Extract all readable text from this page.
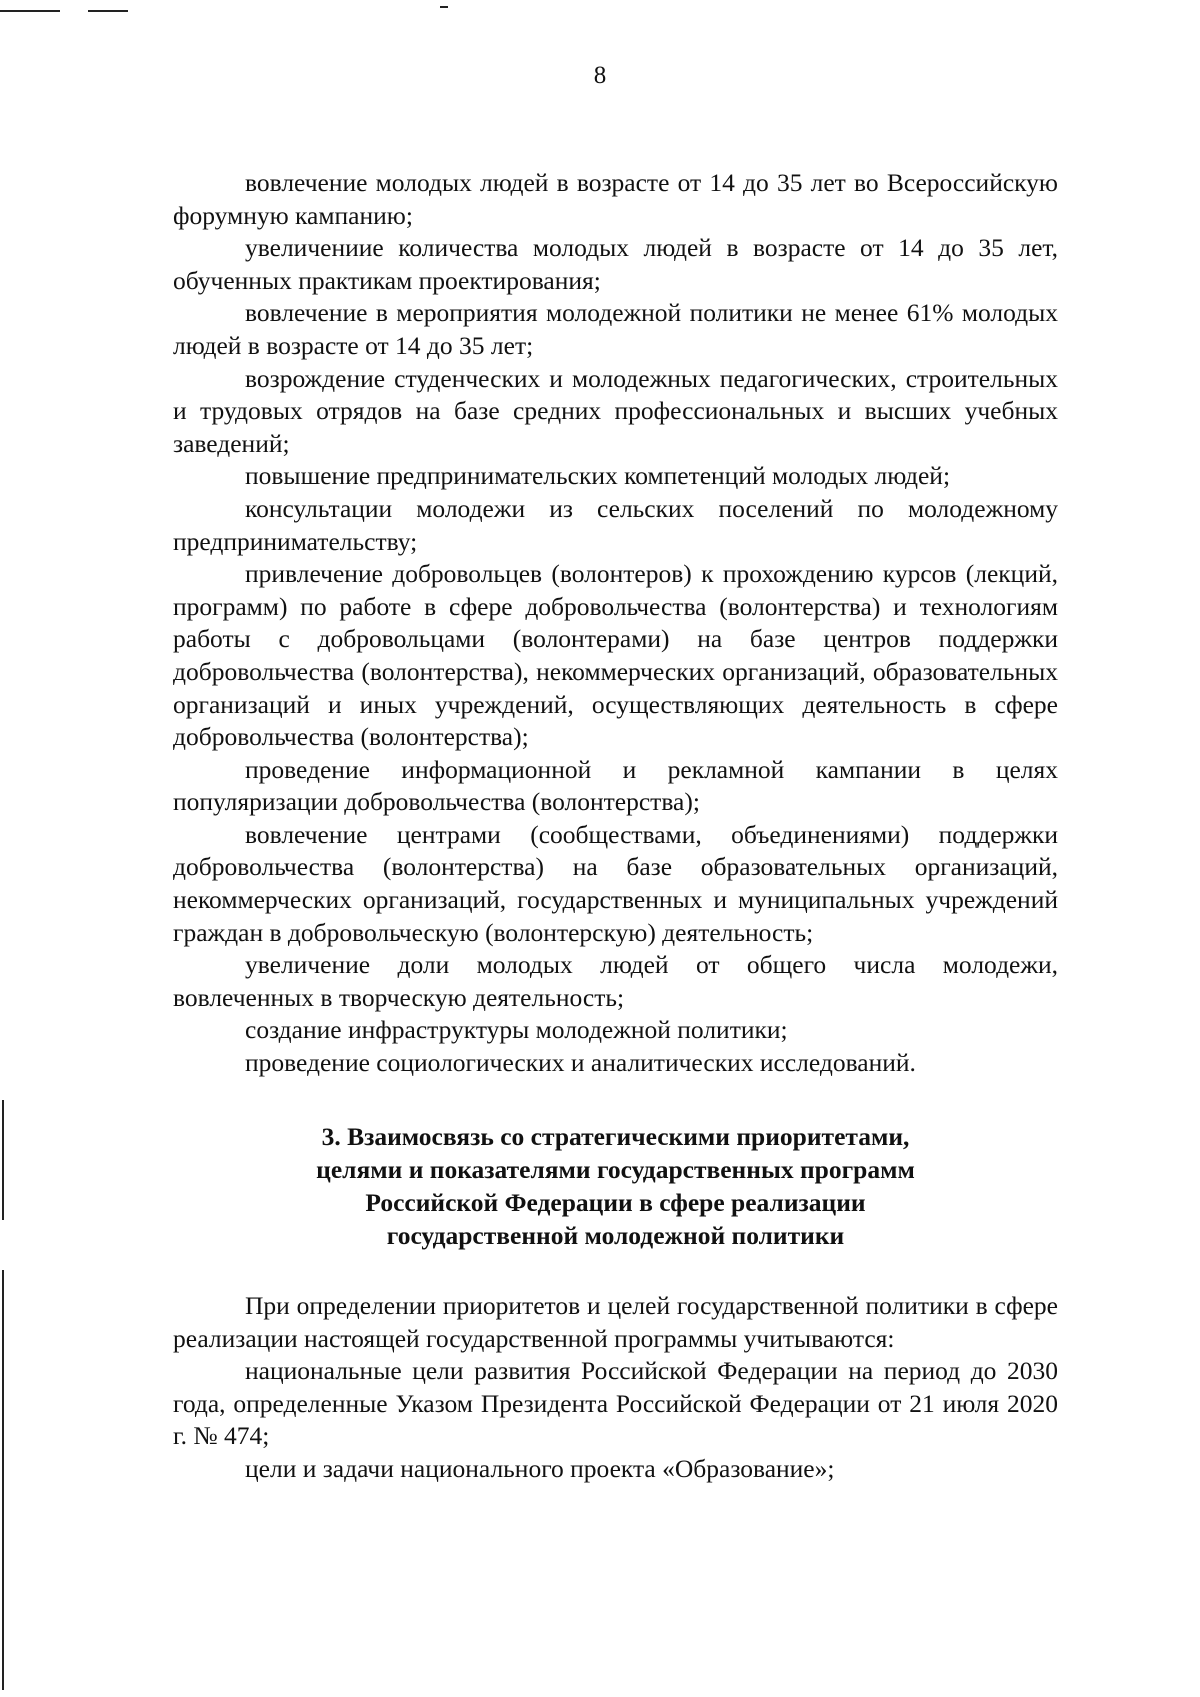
8

вовлечение молодых людей в возрасте от 14 до 35 лет во Всероссийскую форумную кампанию;

увеличениие количества молодых людей в возрасте от 14 до 35 лет, обученных практикам проектирования;

вовлечение в мероприятия молодежной политики не менее 61% молодых людей в возрасте от 14 до 35 лет;

возрождение студенческих и молодежных педагогических, строительных и трудовых отрядов на базе средних профессиональных и высших учебных заведений;

повышение предпринимательских компетенций молодых людей;

консультации молодежи из сельских поселений по молодежному предпринимательству;

привлечение добровольцев (волонтеров) к прохождению курсов (лекций, программ) по работе в сфере добровольчества (волонтерства) и технологиям работы с добровольцами (волонтерами) на базе центров поддержки добровольчества (волонтерства), некоммерческих организаций, образовательных организаций и иных учреждений, осуществляющих деятельность в сфере добровольчества (волонтерства);

проведение информационной и рекламной кампании в целях популяризации добровольчества (волонтерства);

вовлечение центрами (сообществами, объединениями) поддержки добровольчества (волонтерства) на базе образовательных организаций, некоммерческих организаций, государственных и муниципальных учреждений граждан в добровольческую (волонтерскую) деятельность;

увеличение доли молодых людей от общего числа молодежи, вовлеченных в творческую деятельность;

создание инфраструктуры молодежной политики;

проведение социологических и аналитических исследований.

3. Взаимосвязь со стратегическими приоритетами,
целями и показателями государственных программ
Российской Федерации в сфере реализации
государственной молодежной политики

При определении приоритетов и целей государственной политики в сфере реализации настоящей государственной программы учитываются:

национальные цели развития Российской Федерации на период до 2030 года, определенные Указом Президента Российской Федерации от 21 июля 2020 г. № 474;

цели и задачи национального проекта «Образование»;
